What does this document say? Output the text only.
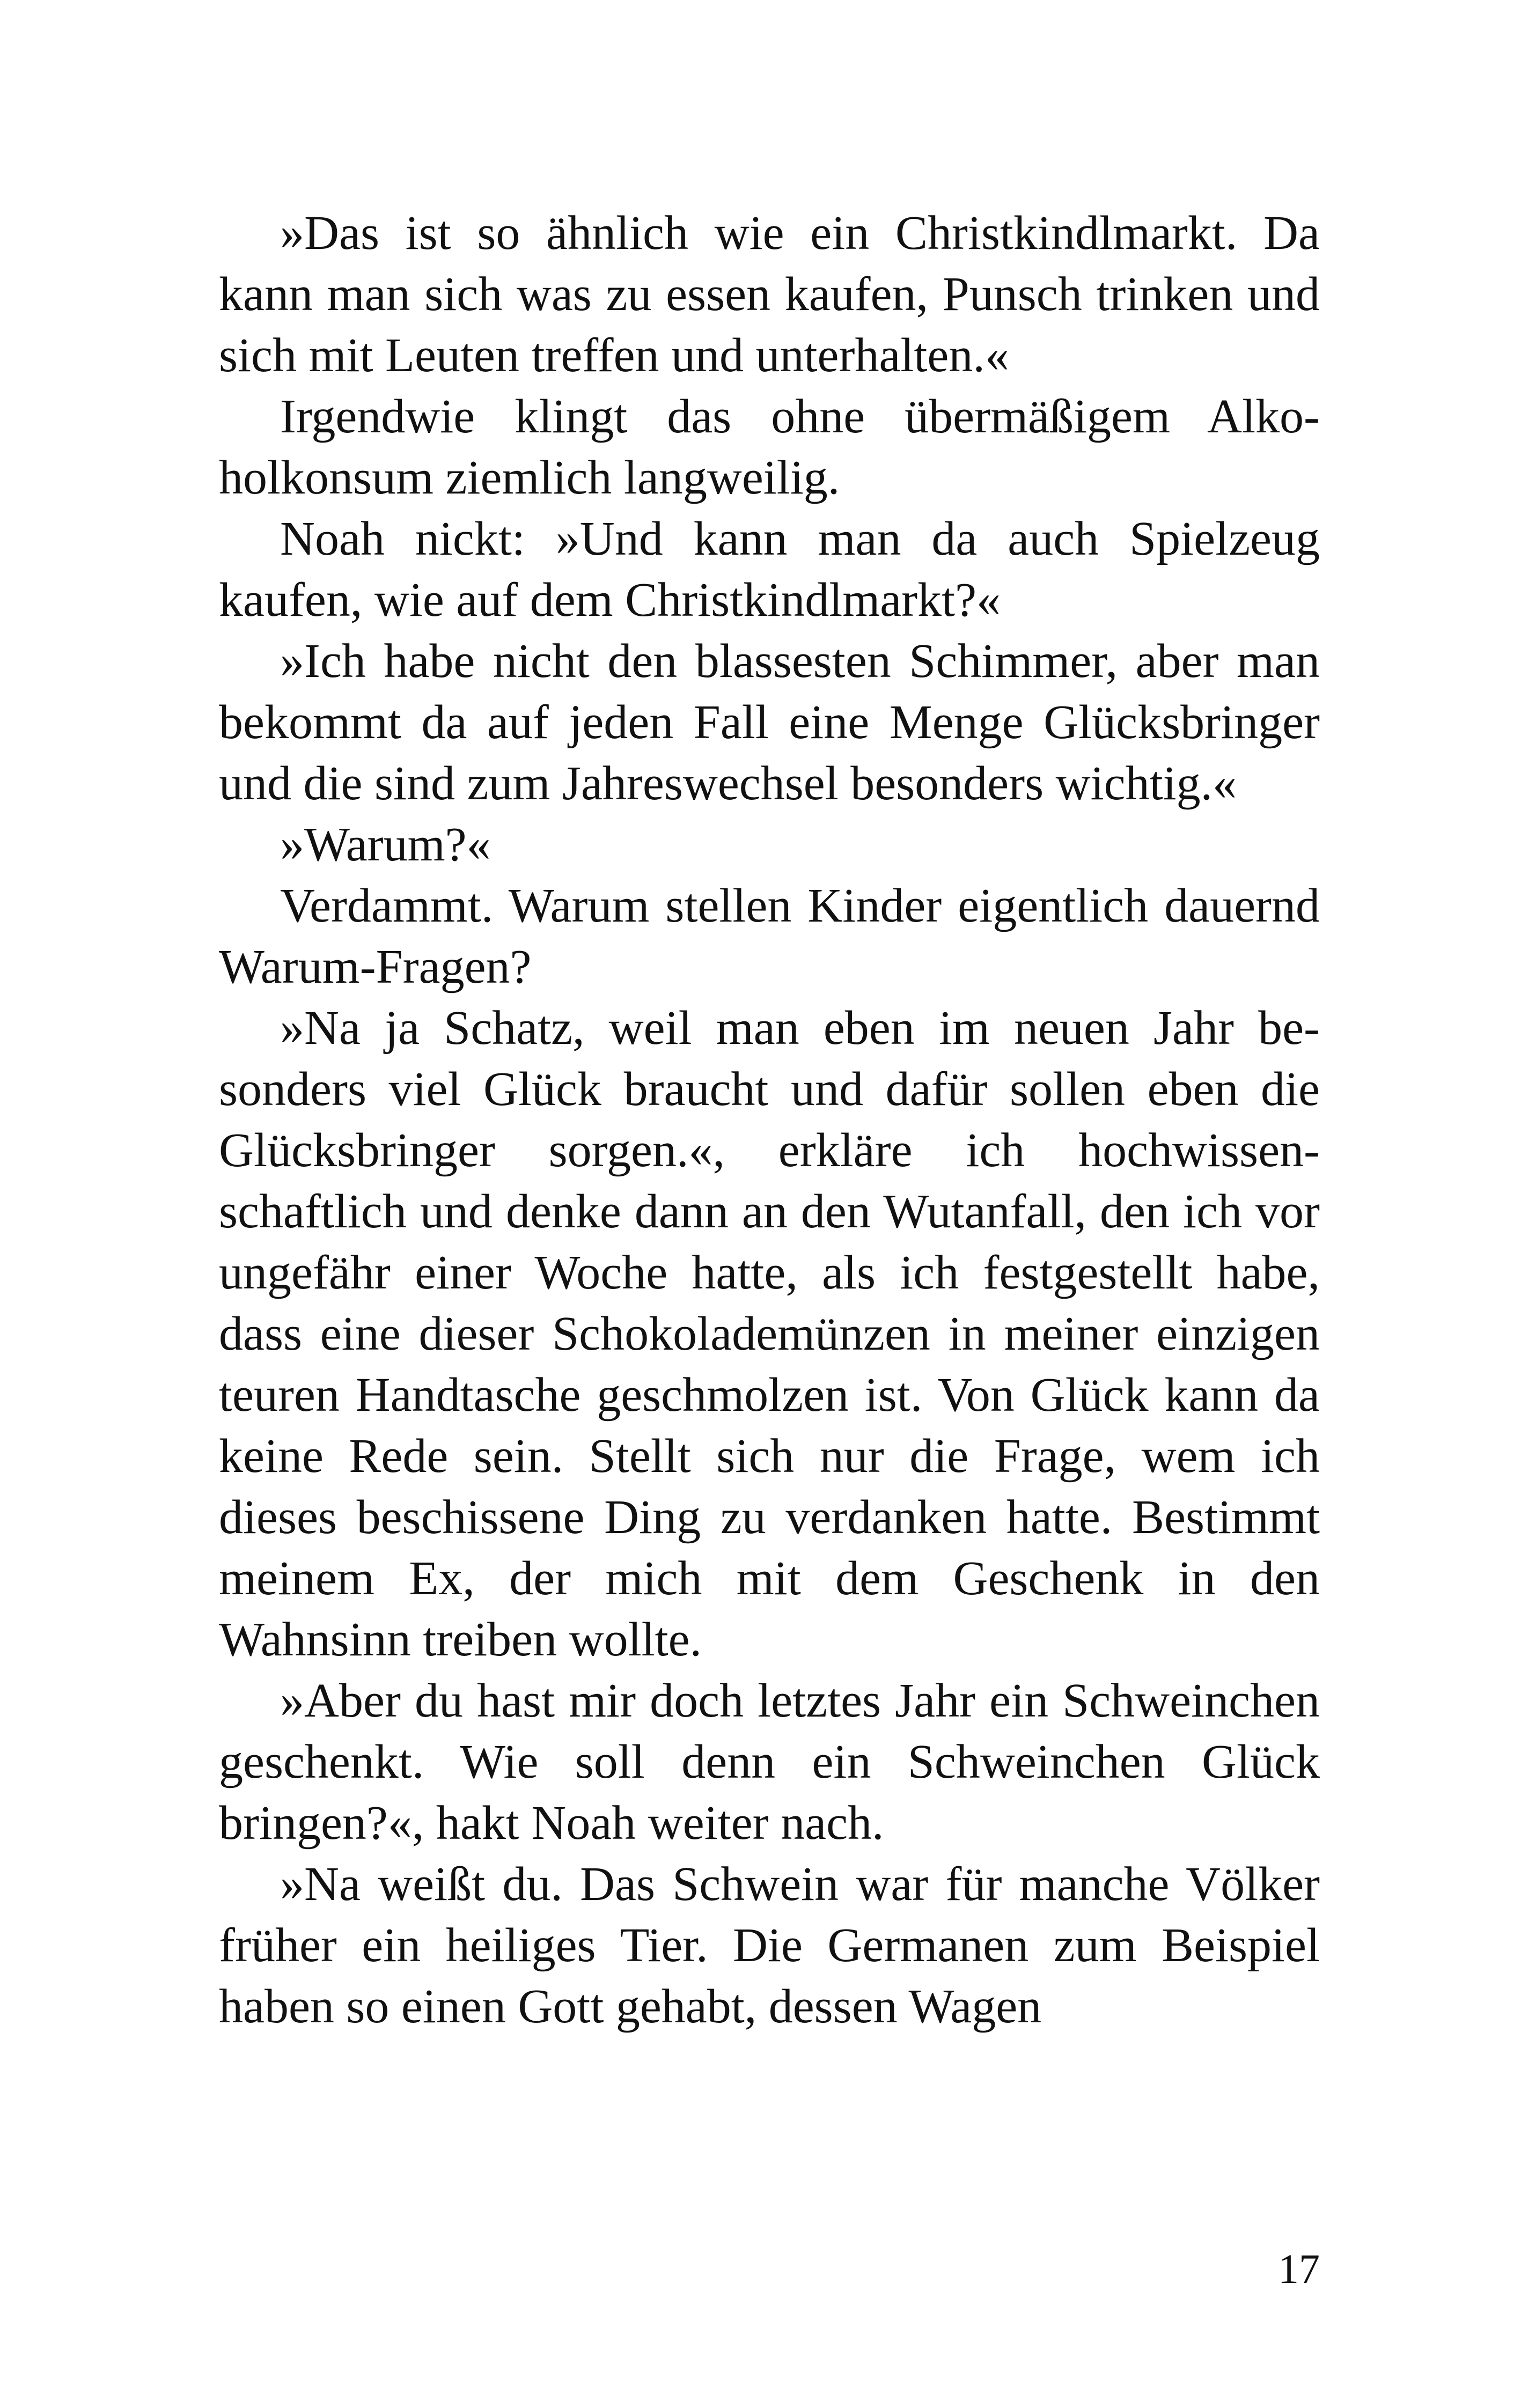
»Das ist so ähnlich wie ein Christkindlmarkt. Da kann man sich was zu essen kaufen, Punsch trinken und sich mit Leuten treffen und unterhalten.«

Irgendwie klingt das ohne übermäßigem Alkoholkonsum ziemlich langweilig.

Noah nickt: »Und kann man da auch Spielzeug kaufen, wie auf dem Christkindlmarkt?«

»Ich habe nicht den blassesten Schimmer, aber man bekommt da auf jeden Fall eine Menge Glücksbringer und die sind zum Jahreswechsel besonders wichtig.«

»Warum?«

Verdammt. Warum stellen Kinder eigentlich dauernd Warum-Fragen?

»Na ja Schatz, weil man eben im neuen Jahr besonders viel Glück braucht und dafür sollen eben die Glücksbringer sorgen.«, erkläre ich hochwissenschaftlich und denke dann an den Wutanfall, den ich vor ungefähr einer Woche hatte, als ich festgestellt habe, dass eine dieser Schokolademünzen in meiner einzigen teuren Handtasche geschmolzen ist. Von Glück kann da keine Rede sein. Stellt sich nur die Frage, wem ich dieses beschissene Ding zu verdanken hatte. Bestimmt meinem Ex, der mich mit dem Geschenk in den Wahnsinn treiben wollte.

»Aber du hast mir doch letztes Jahr ein Schweinchen geschenkt. Wie soll denn ein Schweinchen Glück bringen?«, hakt Noah weiter nach.

»Na weißt du. Das Schwein war für manche Völker früher ein heiliges Tier. Die Germanen zum Beispiel haben so einen Gott gehabt, dessen Wagen

17
